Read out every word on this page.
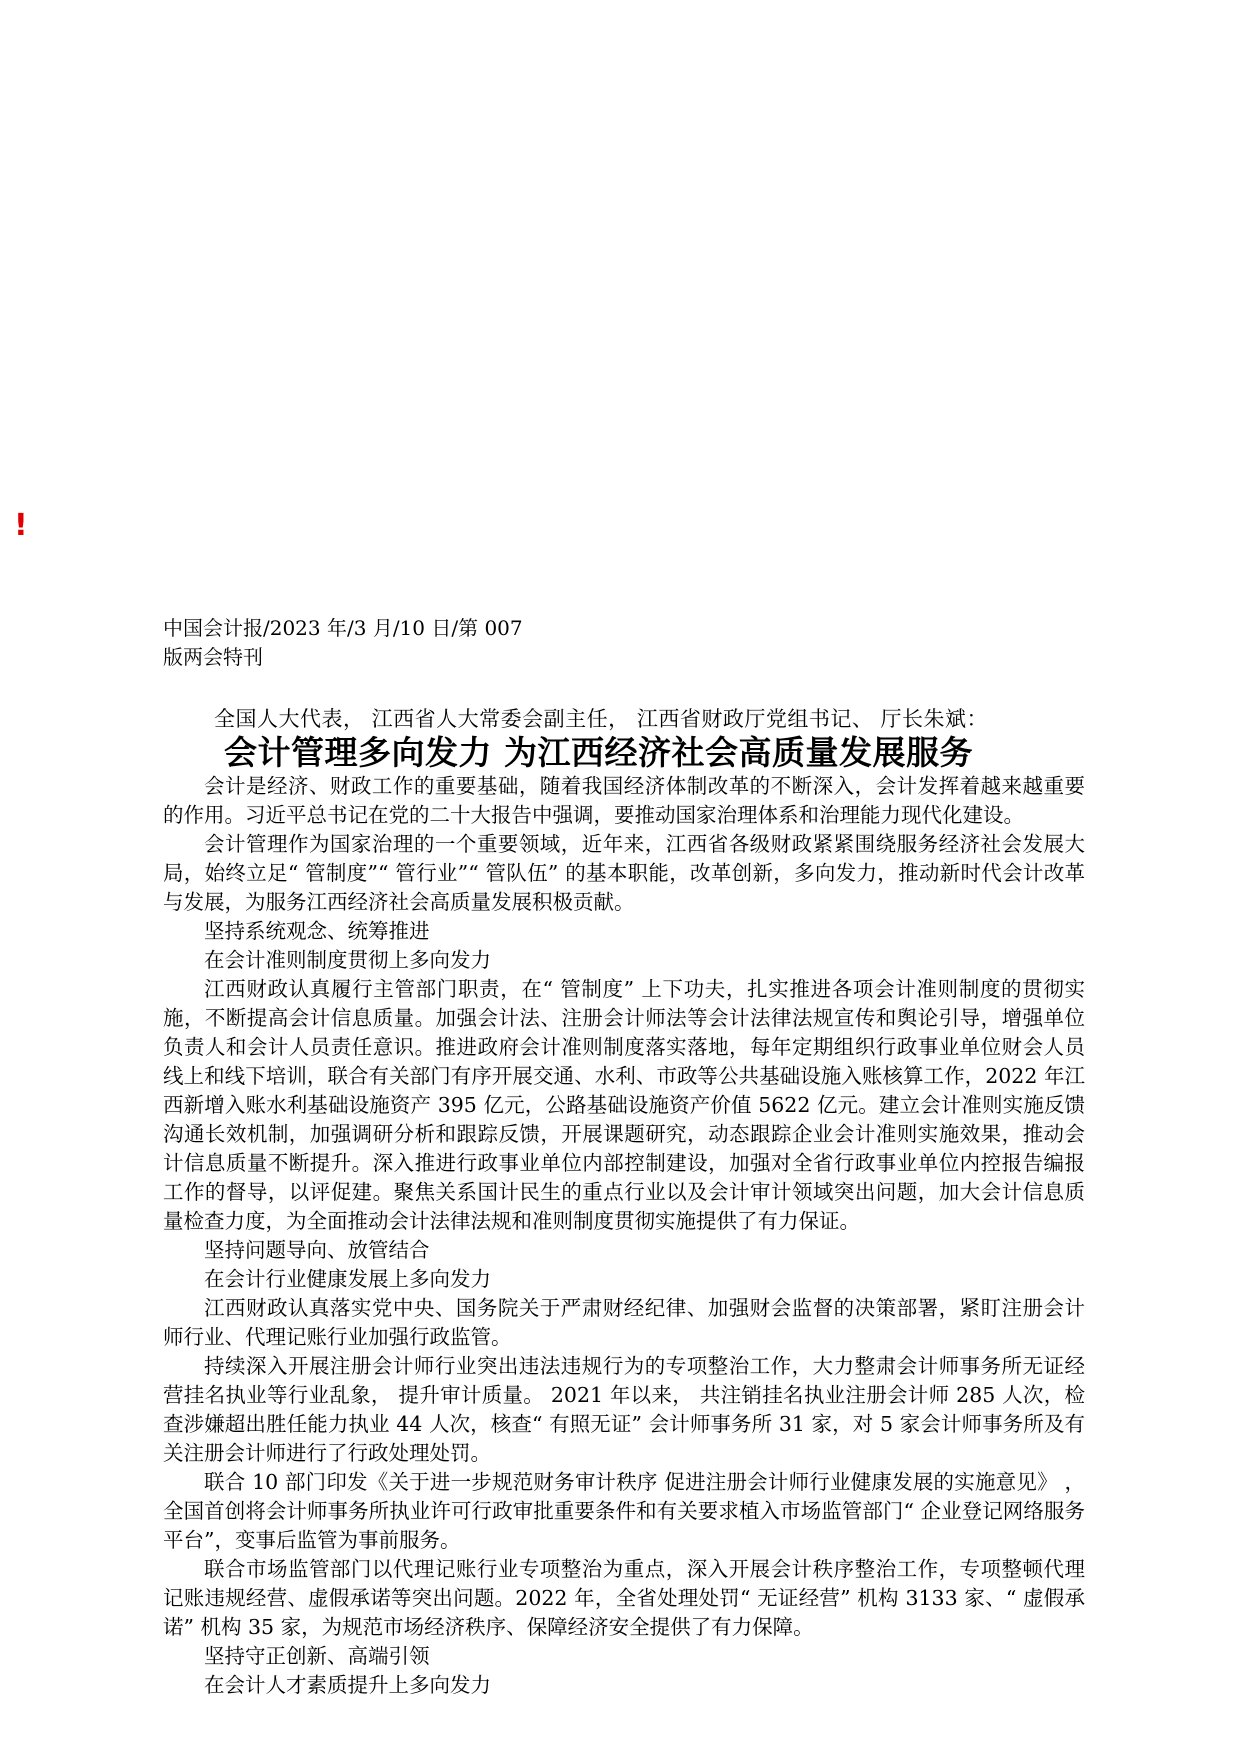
!
中国会计报/2023 年/3 月/10 日/第 007
版两会特刊
全国人大代表， 江西省人大常委会副主任， 江西省财政厅党组书记、 厅长朱斌：
会计管理多向发力 为江西经济社会高质量发展服务

会计是经济、财政工作的重要基础，随着我国经济体制改革的不断深入，会计发挥着越来越重要的作用。习近平总书记在党的二十大报告中强调，要推动国家治理体系和治理能力现代化建设。

会计管理作为国家治理的一个重要领域，近年来，江西省各级财政紧紧围绕服务经济社会发展大局，始终立足“ 管制度”“ 管行业”“ 管队伍” 的基本职能，改革创新，多向发力，推动新时代会计改革与发展，为服务江西经济社会高质量发展积极贡献。

坚持系统观念、统筹推进

在会计准则制度贯彻上多向发力

江西财政认真履行主管部门职责，在“ 管制度” 上下功夫，扎实推进各项会计准则制度的贯彻实施，不断提高会计信息质量。加强会计法、注册会计师法等会计法律法规宣传和舆论引导，增强单位负责人和会计人员责任意识。推进政府会计准则制度落实落地，每年定期组织行政事业单位财会人员线上和线下培训，联合有关部门有序开展交通、水利、市政等公共基础设施入账核算工作，2022 年江西新增入账水利基础设施资产 395 亿元，公路基础设施资产价值 5622 亿元。建立会计准则实施反馈沟通长效机制，加强调研分析和跟踪反馈，开展课题研究，动态跟踪企业会计准则实施效果，推动会计信息质量不断提升。深入推进行政事业单位内部控制建设，加强对全省行政事业单位内控报告编报工作的督导，以评促建。聚焦关系国计民生的重点行业以及会计审计领域突出问题，加大会计信息质量检查力度，为全面推动会计法律法规和准则制度贯彻实施提供了有力保证。

坚持问题导向、放管结合

在会计行业健康发展上多向发力

江西财政认真落实党中央、国务院关于严肃财经纪律、加强财会监督的决策部署，紧盯注册会计师行业、代理记账行业加强行政监管。

持续深入开展注册会计师行业突出违法违规行为的专项整治工作，大力整肃会计师事务所无证经营挂名执业等行业乱象， 提升审计质量。 2021 年以来， 共注销挂名执业注册会计师 285 人次，检查涉嫌超出胜任能力执业 44 人次，核查“ 有照无证” 会计师事务所 31 家，对 5 家会计师事务所及有关注册会计师进行了行政处理处罚。

联合 10 部门印发《关于进一步规范财务审计秩序 促进注册会计师行业健康发展的实施意见》 ，全国首创将会计师事务所执业许可行政审批重要条件和有关要求植入市场监管部门“ 企业登记网络服务平台”，变事后监管为事前服务。

联合市场监管部门以代理记账行业专项整治为重点，深入开展会计秩序整治工作，专项整顿代理记账违规经营、虚假承诺等突出问题。2022 年，全省处理处罚“ 无证经营” 机构 3133 家、“ 虚假承诺” 机构 35 家，为规范市场经济秩序、保障经济安全提供了有力保障。

坚持守正创新、高端引领

在会计人才素质提升上多向发力
